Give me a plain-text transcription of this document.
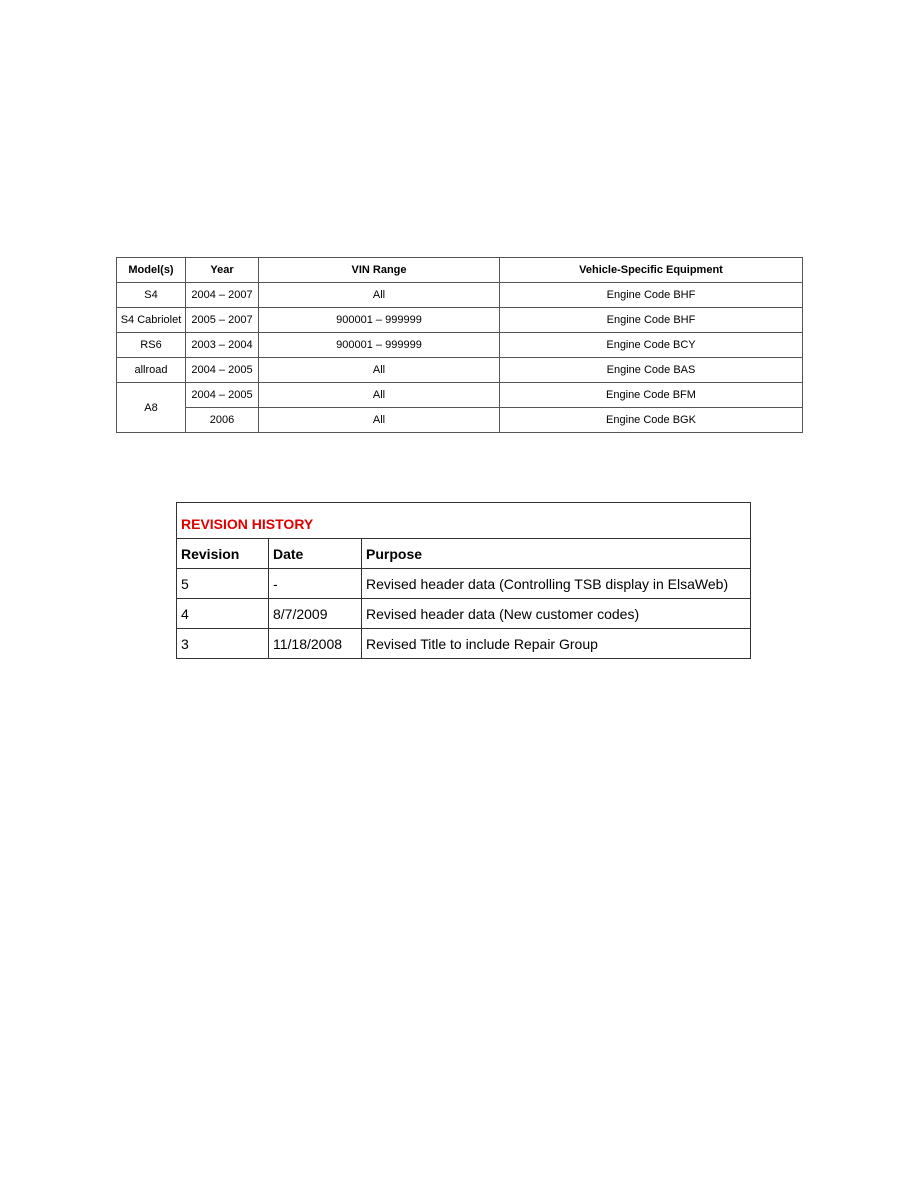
Model(s)	Year	VIN Range	Vehicle-Specific Equipment
S4	2004 – 2007	All	Engine Code BHF
S4 Cabriolet	2005 – 2007	900001 – 999999	Engine Code BHF
RS6	2003 – 2004	900001 – 999999	Engine Code BCY
allroad	2004 – 2005	All	Engine Code BAS
A8	2004 – 2005	All	Engine Code BFM
	2006	All	Engine Code BGK
REVISION HISTORY		
Revision	Date	Purpose
5	-	Revised header data (Controlling TSB display in ElsaWeb)
4	8/7/2009	Revised header data (New customer codes)
3	11/18/2008	Revised Title to include Repair Group
